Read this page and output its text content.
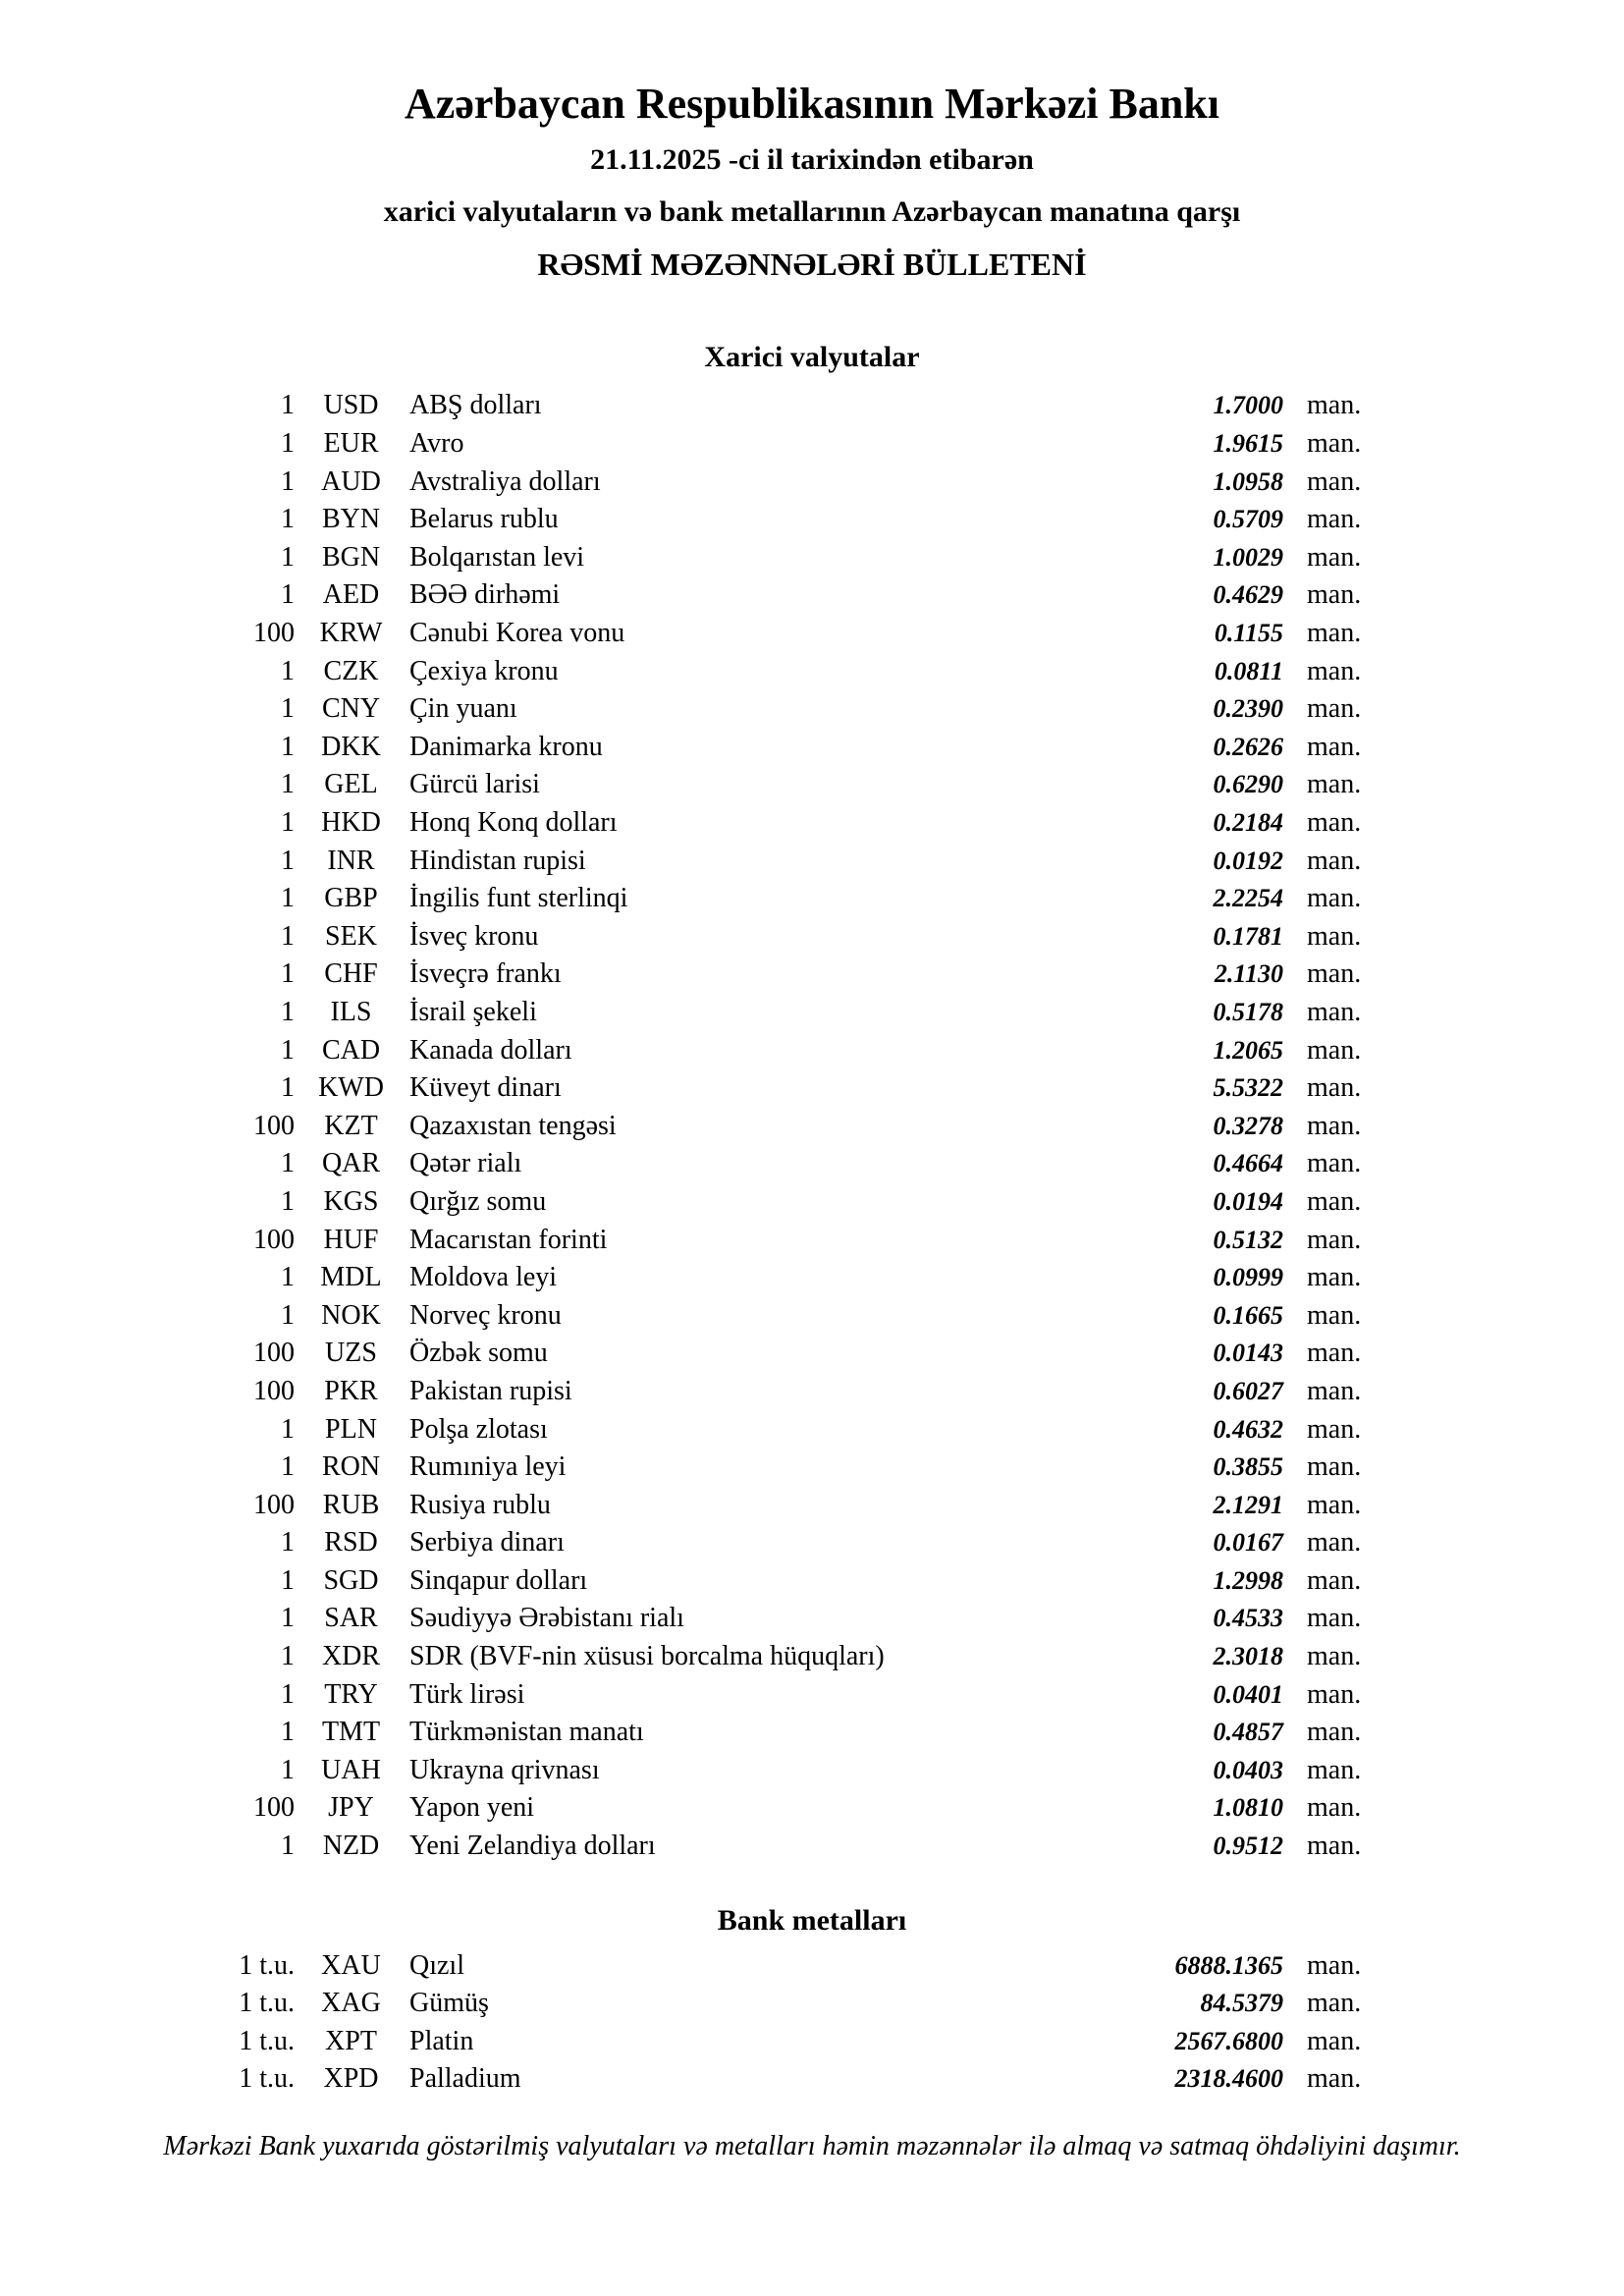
Azərbaycan Respublikasının Mərkəzi Bankı
21.11.2025 -ci il tarixindən etibarən
xarici valyutaların və bank metallarının Azərbaycan manatına qarşı
RƏSMİ MƏZƏNNƏLƏRİ BÜLLETENİ
Xarici valyutalar
1	USD	ABŞ dolları	1.7000 man.
1	EUR	Avro	1.9615 man.
1 AUD	Avstraliya dolları	1.0958 man.
1 BYN	Belarus rublu	0.5709 man.
1 BGN	Bolqarıstan levi	1.0029 man.
1	AED	BƏƏ dirhəmi	0.4629 man.
100 KRW Cənubi Korea vonu	0.1155 man.
1	CZK	Çexiya kronu	0.0811 man.
1 CNY	Çin yuanı	0.2390 man.
1 DKK	Danimarka kronu	0.2626 man.
1	GEL	Gürcü larisi	0.6290 man.
1 HKD	Honq Konq dolları	0.2184 man.
1	INR	Hindistan rupisi	0.0192 man.
1	GBP	İngilis funt sterlinqi	2.2254 man.
1	SEK	İsveç kronu	0.1781 man.
1	CHF	İsveçrə frankı	2.1130 man.
1	ILS	İsrail şekeli	0.5178 man.
1 CAD	Kanada dolları	1.2065 man.
1 KWD Küveyt dinarı	5.5322 man.
100	KZT	Qazaxıstan tengəsi	0.3278 man.
1 QAR	Qətər rialı	0.4664 man.
1	KGS	Qırğız somu	0.0194 man.
100	HUF	Macarıstan forinti	0.5132 man.
1 MDL	Moldova leyi	0.0999 man.
1 NOK	Norveç kronu	0.1665 man.
100	UZS	Özbək somu	0.0143 man.
100	PKR	Pakistan rupisi	0.6027 man.
1	PLN	Polşa zlotası	0.4632 man.
1 RON	Rumıniya leyi	0.3855 man.
100	RUB	Rusiya rublu	2.1291 man.
1	RSD	Serbiya dinarı	0.0167 man.
1	SGD	Sinqapur dolları	1.2998 man.
1	SAR	Səudiyyə Ərəbistanı rialı	0.4533 man.
1 XDR	SDR (BVF-nin xüsusi borcalma hüquqları)	2.3018 man.
1	TRY	Türk lirəsi	0.0401 man.
1 TMT	Türkmənistan manatı	0.4857 man.
1 UAH	Ukrayna qrivnası	0.0403 man.
100	JPY	Yapon yeni	1.0810 man.
1	NZD	Yeni Zelandiya dolları	0.9512 man.
Bank metalları
1 t.u. XAU	Qızıl	6888.1365 man.
1 t.u. XAG	Gümüş	84.5379 man.
1 t.u.	XPT	Platin	2567.6800 man.
1 t.u.	XPD	Palladium	2318.4600 man.
Mərkəzi Bank yuxarıda göstərilmiş valyutaları və metalları həmin məzənnələr ilə almaq və satmaq öhdəliyini daşımır.
